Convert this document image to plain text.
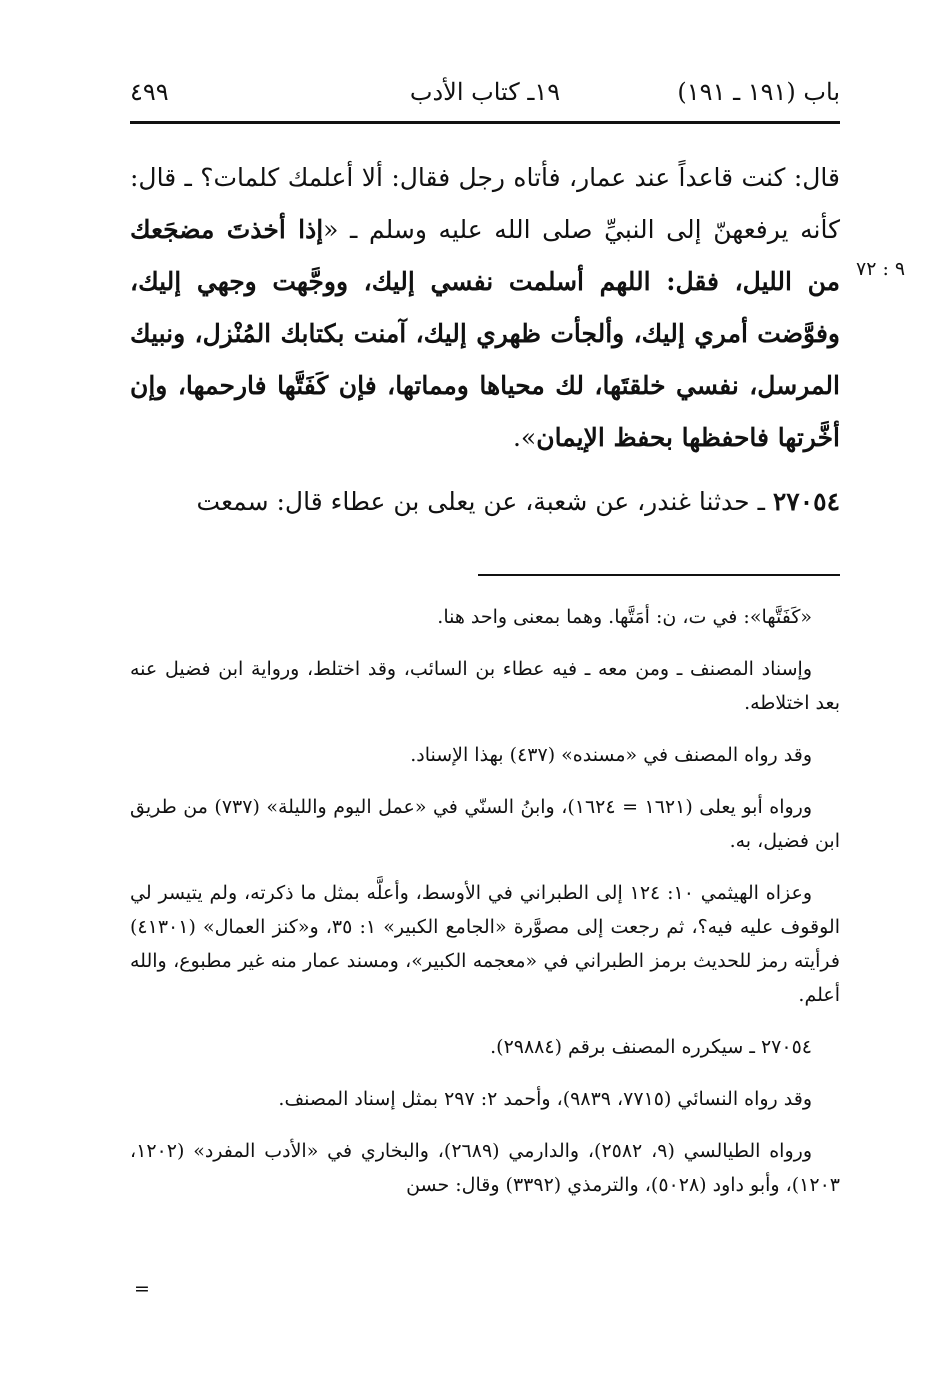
باب (١٩١ ـ ١٩١)
١٩ـ كتاب الأدب
٤٩٩
٩ : ٧٢

قال: كنت قاعداً عند عمار، فأتاه رجل فقال: ألا أعلمك كلمات؟ ـ قال: كأنه يرفعهنّ إلى النبيِّ صلى الله عليه وسلم ـ «إذا أخذتَ مضجَعك من الليل، فقل: اللهم أسلمت نفسي إليك، ووجَّهت وجهي إليك، وفوَّضت أمري إليك، وألجأت ظهري إليك، آمنت بكتابك المُنْزل، ونبيك المرسل، نفسي خلقتَها، لك محياها ومماتها، فإن كَفَتَّها فارحمها، وإن أخَّرتها فاحفظها بحفظ الإيمان».

٢٧٠٥٤ ـ حدثنا غندر، عن شعبة، عن يعلى بن عطاء قال: سمعت

«كَفَتَّها»: في ت، ن: أمَتَّها. وهما بمعنى واحد هنا.

وإسناد المصنف ـ ومن معه ـ فيه عطاء بن السائب، وقد اختلط، ورواية ابن فضيل عنه بعد اختلاطه.

وقد رواه المصنف في «مسنده» (٤٣٧) بهذا الإسناد.

ورواه أبو يعلى (١٦٢١ = ١٦٢٤)، وابنُ السنّي في «عمل اليوم والليلة» (٧٣٧) من طريق ابن فضيل، به.

وعزاه الهيثمي ١٠: ١٢٤ إلى الطبراني في الأوسط، وأعلَّه بمثل ما ذكرته، ولم يتيسر لي الوقوف عليه فيه؟، ثم رجعت إلى مصوَّرة «الجامع الكبير» ١: ٣٥، و«كنز العمال» (٤١٣٠١) فرأيته رمز للحديث برمز الطبراني في «معجمه الكبير»، ومسند عمار منه غير مطبوع، والله أعلم.

٢٧٠٥٤ ـ سيكرره المصنف برقم (٢٩٨٨٤).

وقد رواه النسائي (٧٧١٥، ٩٨٣٩)، وأحمد ٢: ٢٩٧ بمثل إسناد المصنف.

ورواه الطيالسي (٩، ٢٥٨٢)، والدارمي (٢٦٨٩)، والبخاري في «الأدب المفرد» (١٢٠٢، ١٢٠٣)، وأبو داود (٥٠٢٨)، والترمذي (٣٣٩٢) وقال: حسن

=
